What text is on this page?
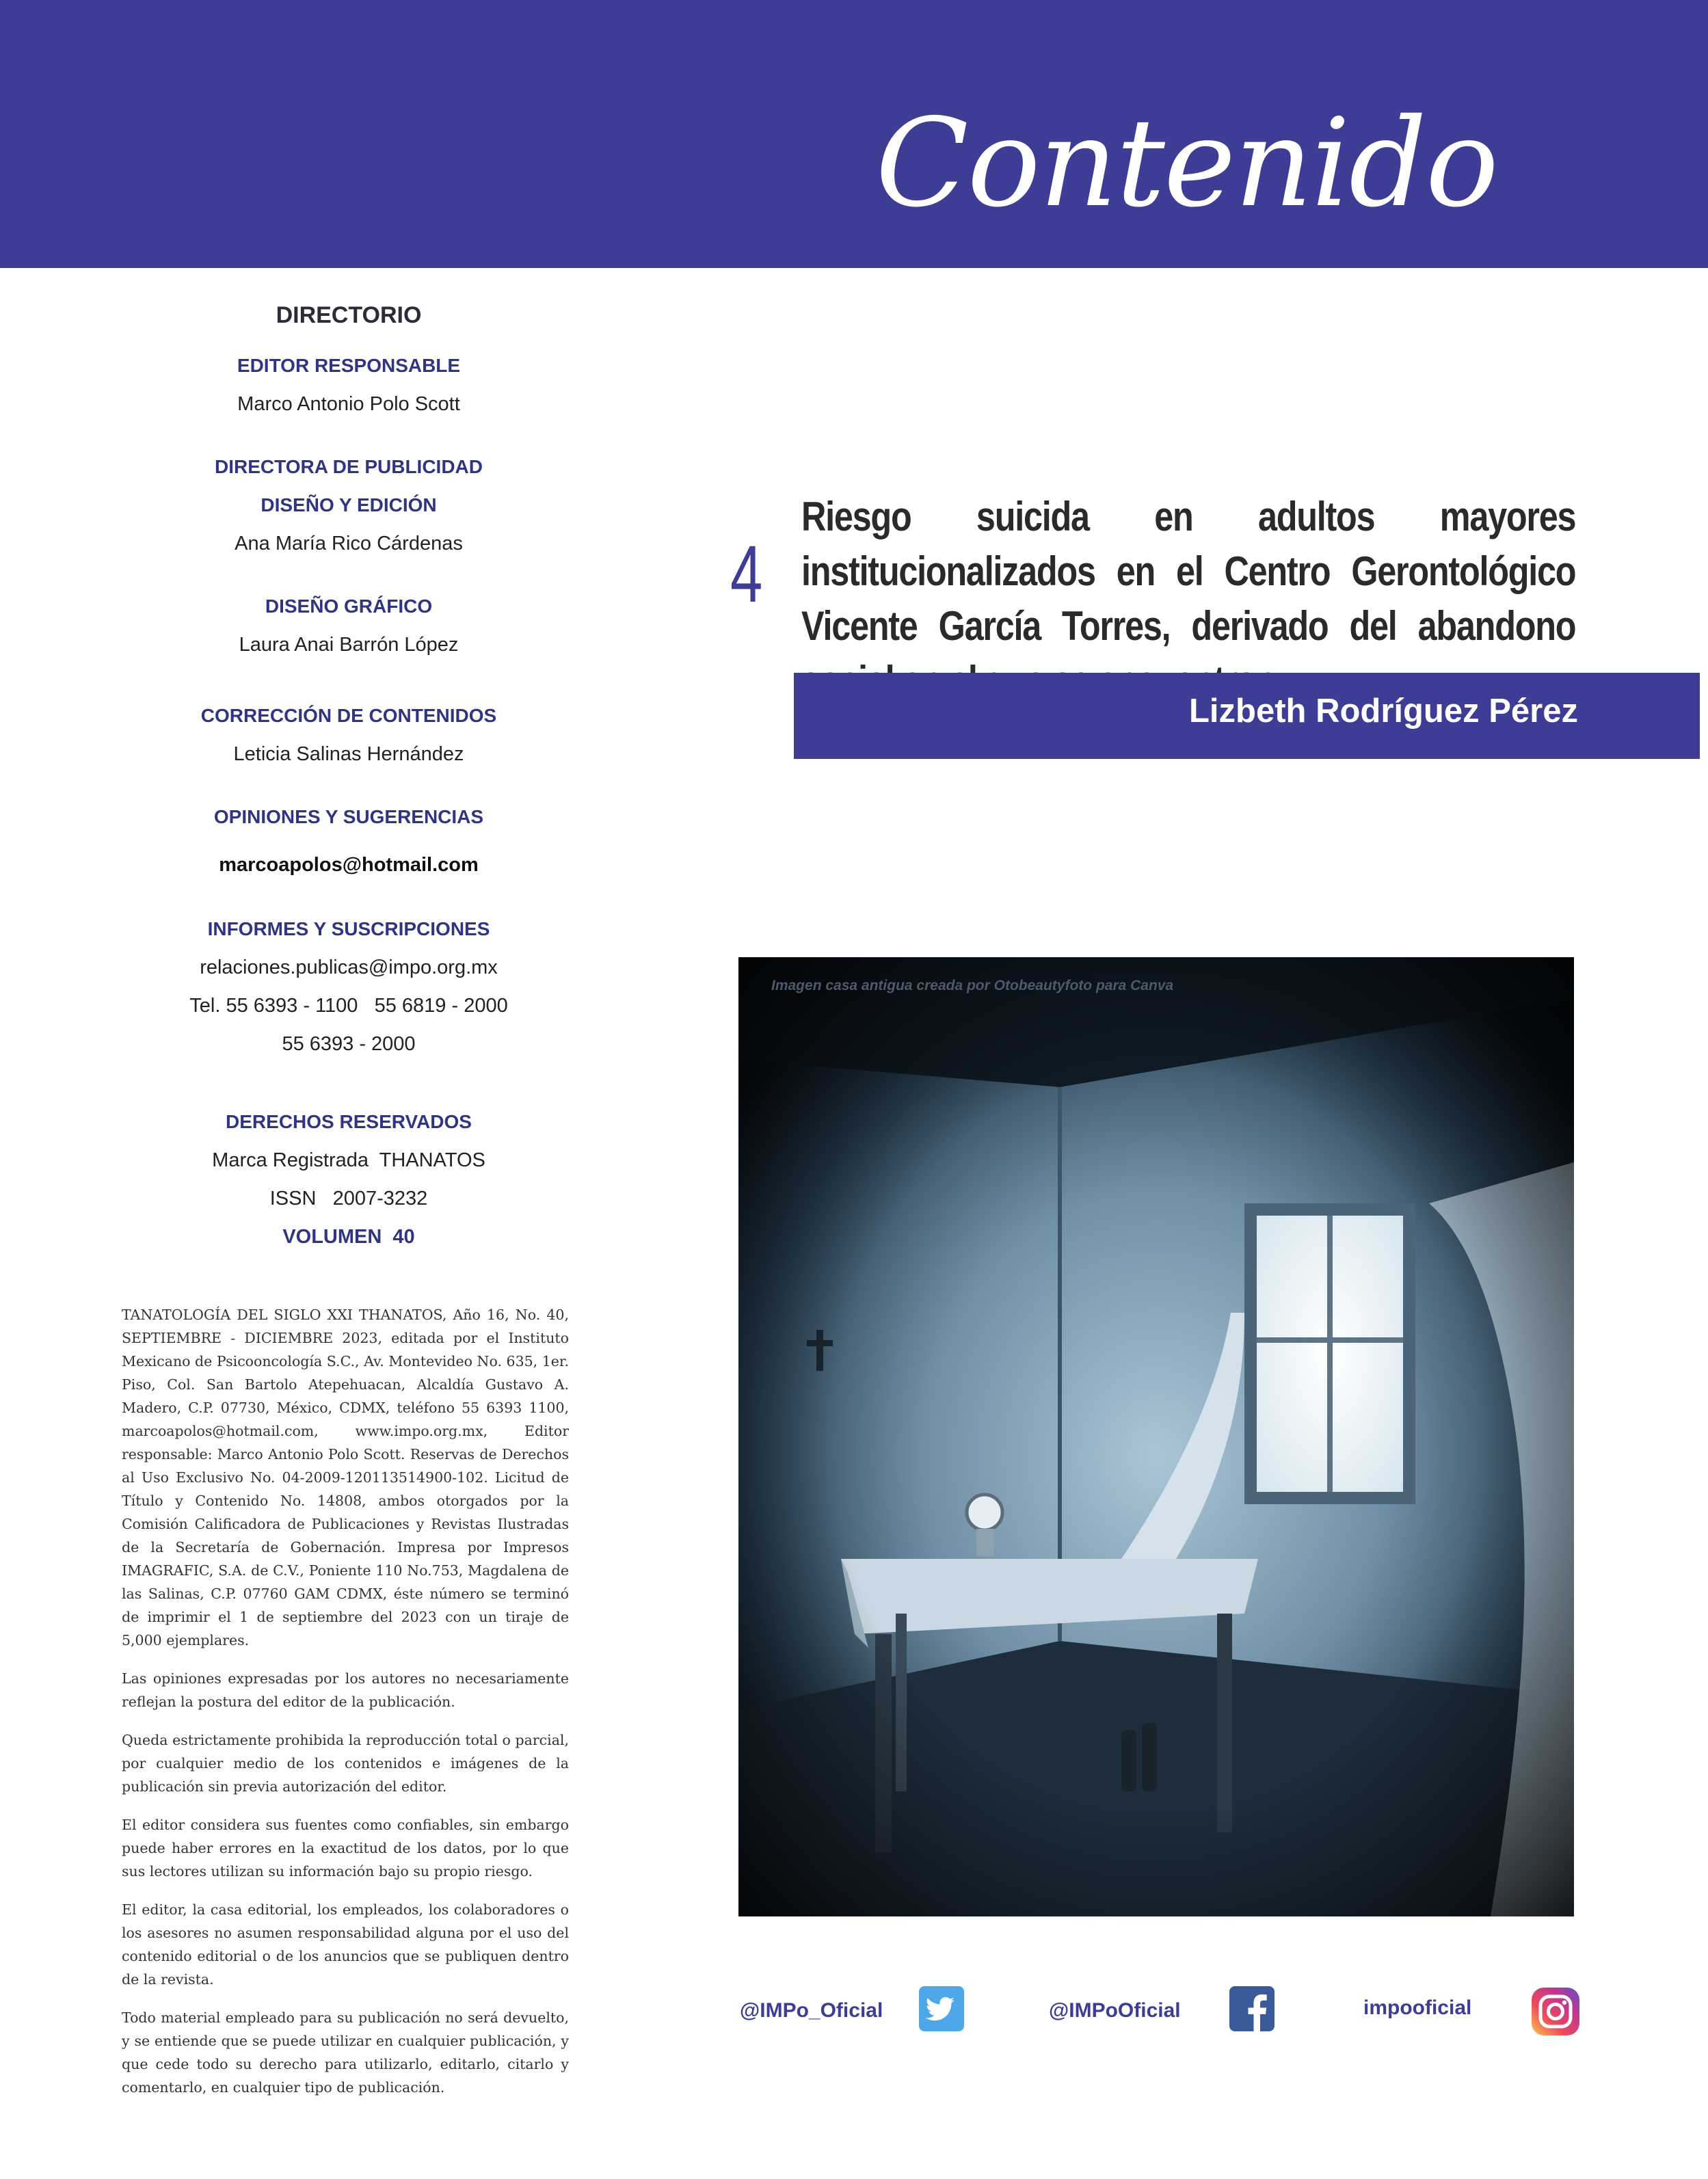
Contenido
DIRECTORIO
EDITOR RESPONSABLE
Marco Antonio Polo Scott
DIRECTORA DE PUBLICIDAD
DISEÑO Y EDICIÓN
Ana María Rico Cárdenas
DISEÑO GRÁFICO
Laura Anai Barrón López
CORRECCIÓN DE CONTENIDOS
Leticia Salinas Hernández
OPINIONES Y SUGERENCIAS
marcoapolos@hotmail.com
INFORMES Y SUSCRIPCIONES
relaciones.publicas@impo.org.mx
Tel. 55 6393 - 1100   55 6819 - 2000
55 6393 - 2000
DERECHOS RESERVADOS
Marca Registrada  THANATOS
ISSN   2007-3232
VOLUMEN  40

TANATOLOGÍA DEL SIGLO XXI THANATOS, Año 16, No. 40, SEPTIEMBRE - DICIEMBRE 2023, editada por el Instituto Mexicano de Psicooncología S.C., Av. Montevideo No. 635, 1er. Piso, Col. San Bartolo Atepehuacan, Alcaldía Gustavo A. Madero, C.P. 07730, México, CDMX, teléfono 55 6393 1100, marcoapolos@hotmail.com, www.impo.org.mx, Editor responsable: Marco Antonio Polo Scott. Reservas de Derechos al Uso Exclusivo No. 04-2009-120113514900-102. Licitud de Título y Contenido No. 14808, ambos otorgados por la Comisión Calificadora de Publicaciones y Revistas Ilustradas de la Secretaría de Gobernación. Impresa por Impresos IMAGRAFIC, S.A. de C.V., Poniente 110 No.753, Magdalena de las Salinas, C.P. 07760 GAM CDMX, éste número se terminó de imprimir el 1 de septiembre del 2023 con un tiraje de 5,000 ejemplares.

Las opiniones expresadas por los autores no necesariamente reflejan la postura del editor de la publicación.

Queda estrictamente prohibida la reproducción total o parcial, por cualquier medio de los contenidos e imágenes de la publicación sin previa autorización del editor.

El editor considera sus fuentes como confiables, sin embargo puede haber errores en la exactitud de los datos, por lo que sus lectores utilizan su información bajo su propio riesgo.

El editor, la casa editorial, los empleados, los colaboradores o los asesores no asumen responsabilidad alguna por el uso del contenido editorial o de los anuncios que se publiquen dentro de la revista.

Todo material empleado para su publicación no será devuelto, y se entiende que se puede utilizar en cualquier publicación, y que cede todo su derecho para utilizarlo, editarlo, citarlo y comentarlo, en cualquier tipo de publicación.

4
Riesgo suicida en adultos mayores institucionalizados en el Centro Gerontológico Vicente García Torres, derivado del abandono
Lizbeth Rodríguez Pérez
Imagen casa antigua creada por Otobeautyfoto para Canva
@IMPo_Oficial	@IMPoOficial	impooficial
